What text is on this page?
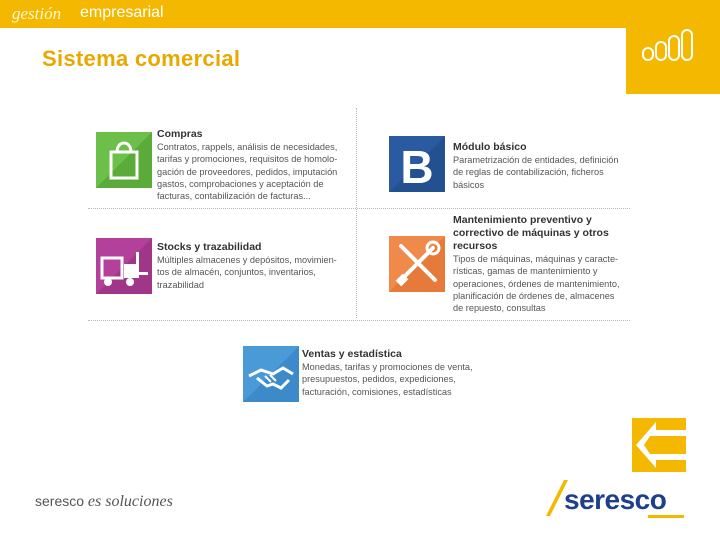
gestión empresarial
Sistema comercial
Compras
Contratos, rappels, análisis de necesidades,
tarifas y promociones, requisitos de homolo-
gación de proveedores, pedidos, imputación
gastos, comprobaciones y aceptación de
facturas, contabilización de facturas...
B Módulo básico
Parametrización de entidades, definición
de reglas de contabilización, ficheros
básicos
Stocks y trazabilidad
Múltiples almacenes y depósitos, movimien-
tos de almacén, conjuntos, inventarios,
trazabilidad
Mantenimiento preventivo y
correctivo de máquinas y otros
recursos
Tipos de máquinas, máquinas y caracte-
rísticas, gamas de mantenimiento y
operaciones, órdenes de mantenimiento,
planificación de órdenes de, almacenes
de repuesto, consultas
Ventas y estadística
Monedas, tarifas y promociones de venta,
presupuestos, pedidos, expediciones,
facturación, comisiones, estadísticas
seresco es soluciones	seresco
